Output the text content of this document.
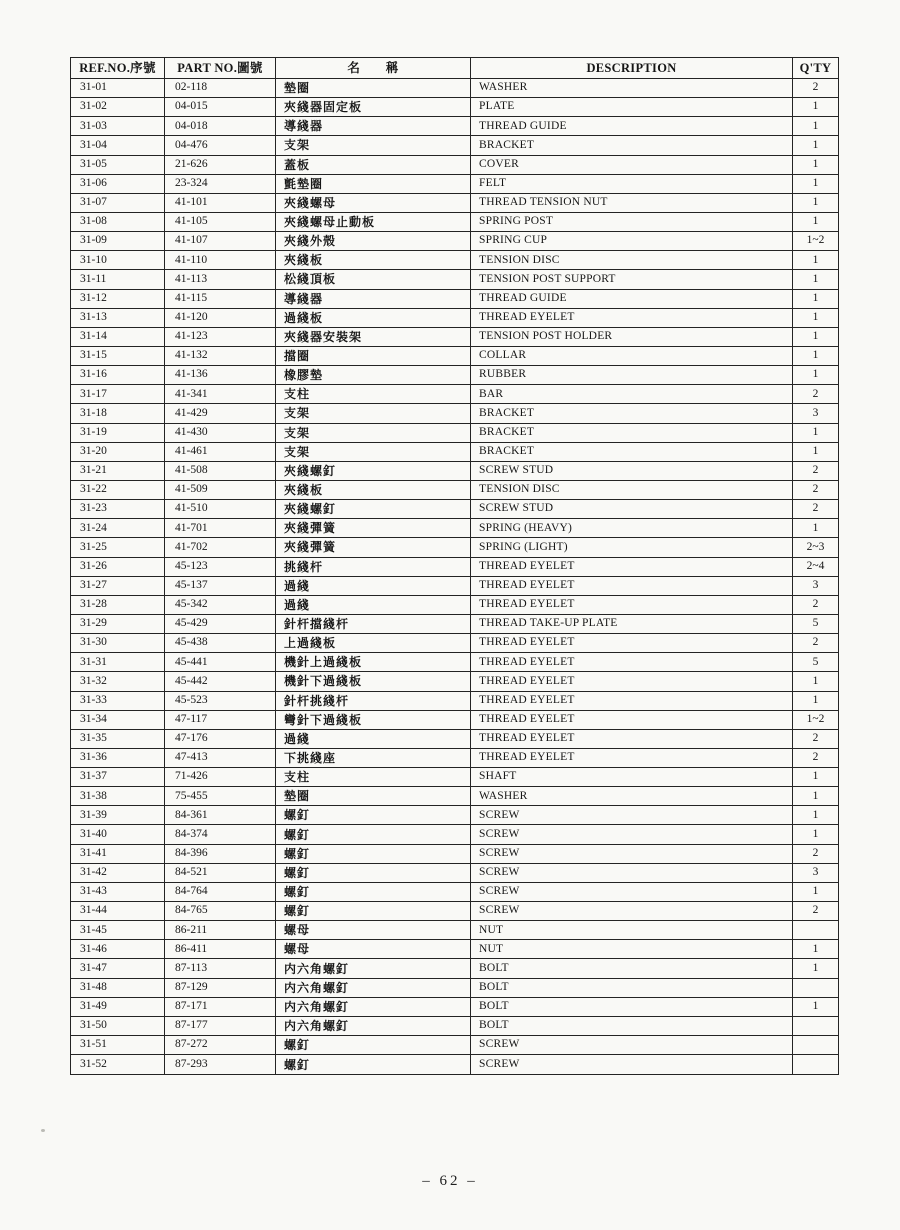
REF.NO.序號	PART NO.圖號	名　　稱	DESCRIPTION	Q'TY
31-01	02-118	墊圈	WASHER	2
31-02	04-015	夾綫器固定板	PLATE	1
31-03	04-018	導綫器	THREAD GUIDE	1
31-04	04-476	支架	BRACKET	1
31-05	21-626	蓋板	COVER	1
31-06	23-324	氈墊圈	FELT	1
31-07	41-101	夾綫螺母	THREAD TENSION NUT	1
31-08	41-105	夾綫螺母止動板	SPRING POST	1
31-09	41-107	夾綫外殼	SPRING CUP	1~2
31-10	41-110	夾綫板	TENSION DISC	1
31-11	41-113	松綫頂板	TENSION POST SUPPORT	1
31-12	41-115	導綫器	THREAD GUIDE	1
31-13	41-120	過綫板	THREAD EYELET	1
31-14	41-123	夾綫器安裝架	TENSION POST HOLDER	1
31-15	41-132	擋圈	COLLAR	1
31-16	41-136	橡膠墊	RUBBER	1
31-17	41-341	支柱	BAR	2
31-18	41-429	支架	BRACKET	3
31-19	41-430	支架	BRACKET	1
31-20	41-461	支架	BRACKET	1
31-21	41-508	夾綫螺釘	SCREW STUD	2
31-22	41-509	夾綫板	TENSION DISC	2
31-23	41-510	夾綫螺釘	SCREW STUD	2
31-24	41-701	夾綫彈簧	SPRING (HEAVY)	1
31-25	41-702	夾綫彈簧	SPRING (LIGHT)	2~3
31-26	45-123	挑綫杆	THREAD EYELET	2~4
31-27	45-137	過綫	THREAD EYELET	3
31-28	45-342	過綫	THREAD EYELET	2
31-29	45-429	針杆擋綫杆	THREAD TAKE-UP PLATE	5
31-30	45-438	上過綫板	THREAD EYELET	2
31-31	45-441	機針上過綫板	THREAD EYELET	5
31-32	45-442	機針下過綫板	THREAD EYELET	1
31-33	45-523	針杆挑綫杆	THREAD EYELET	1
31-34	47-117	彎針下過綫板	THREAD EYELET	1~2
31-35	47-176	過綫	THREAD EYELET	2
31-36	47-413	下挑綫座	THREAD EYELET	2
31-37	71-426	支柱	SHAFT	1
31-38	75-455	墊圈	WASHER	1
31-39	84-361	螺釘	SCREW	1
31-40	84-374	螺釘	SCREW	1
31-41	84-396	螺釘	SCREW	2
31-42	84-521	螺釘	SCREW	3
31-43	84-764	螺釘	SCREW	1
31-44	84-765	螺釘	SCREW	2
31-45	86-211	螺母	NUT	
31-46	86-411	螺母	NUT	1
31-47	87-113	内六角螺釘	BOLT	1
31-48	87-129	内六角螺釘	BOLT	
31-49	87-171	内六角螺釘	BOLT	1
31-50	87-177	内六角螺釘	BOLT	
31-51	87-272	螺釘	SCREW	
31-52	87-293	螺釘	SCREW	
– 62 –
